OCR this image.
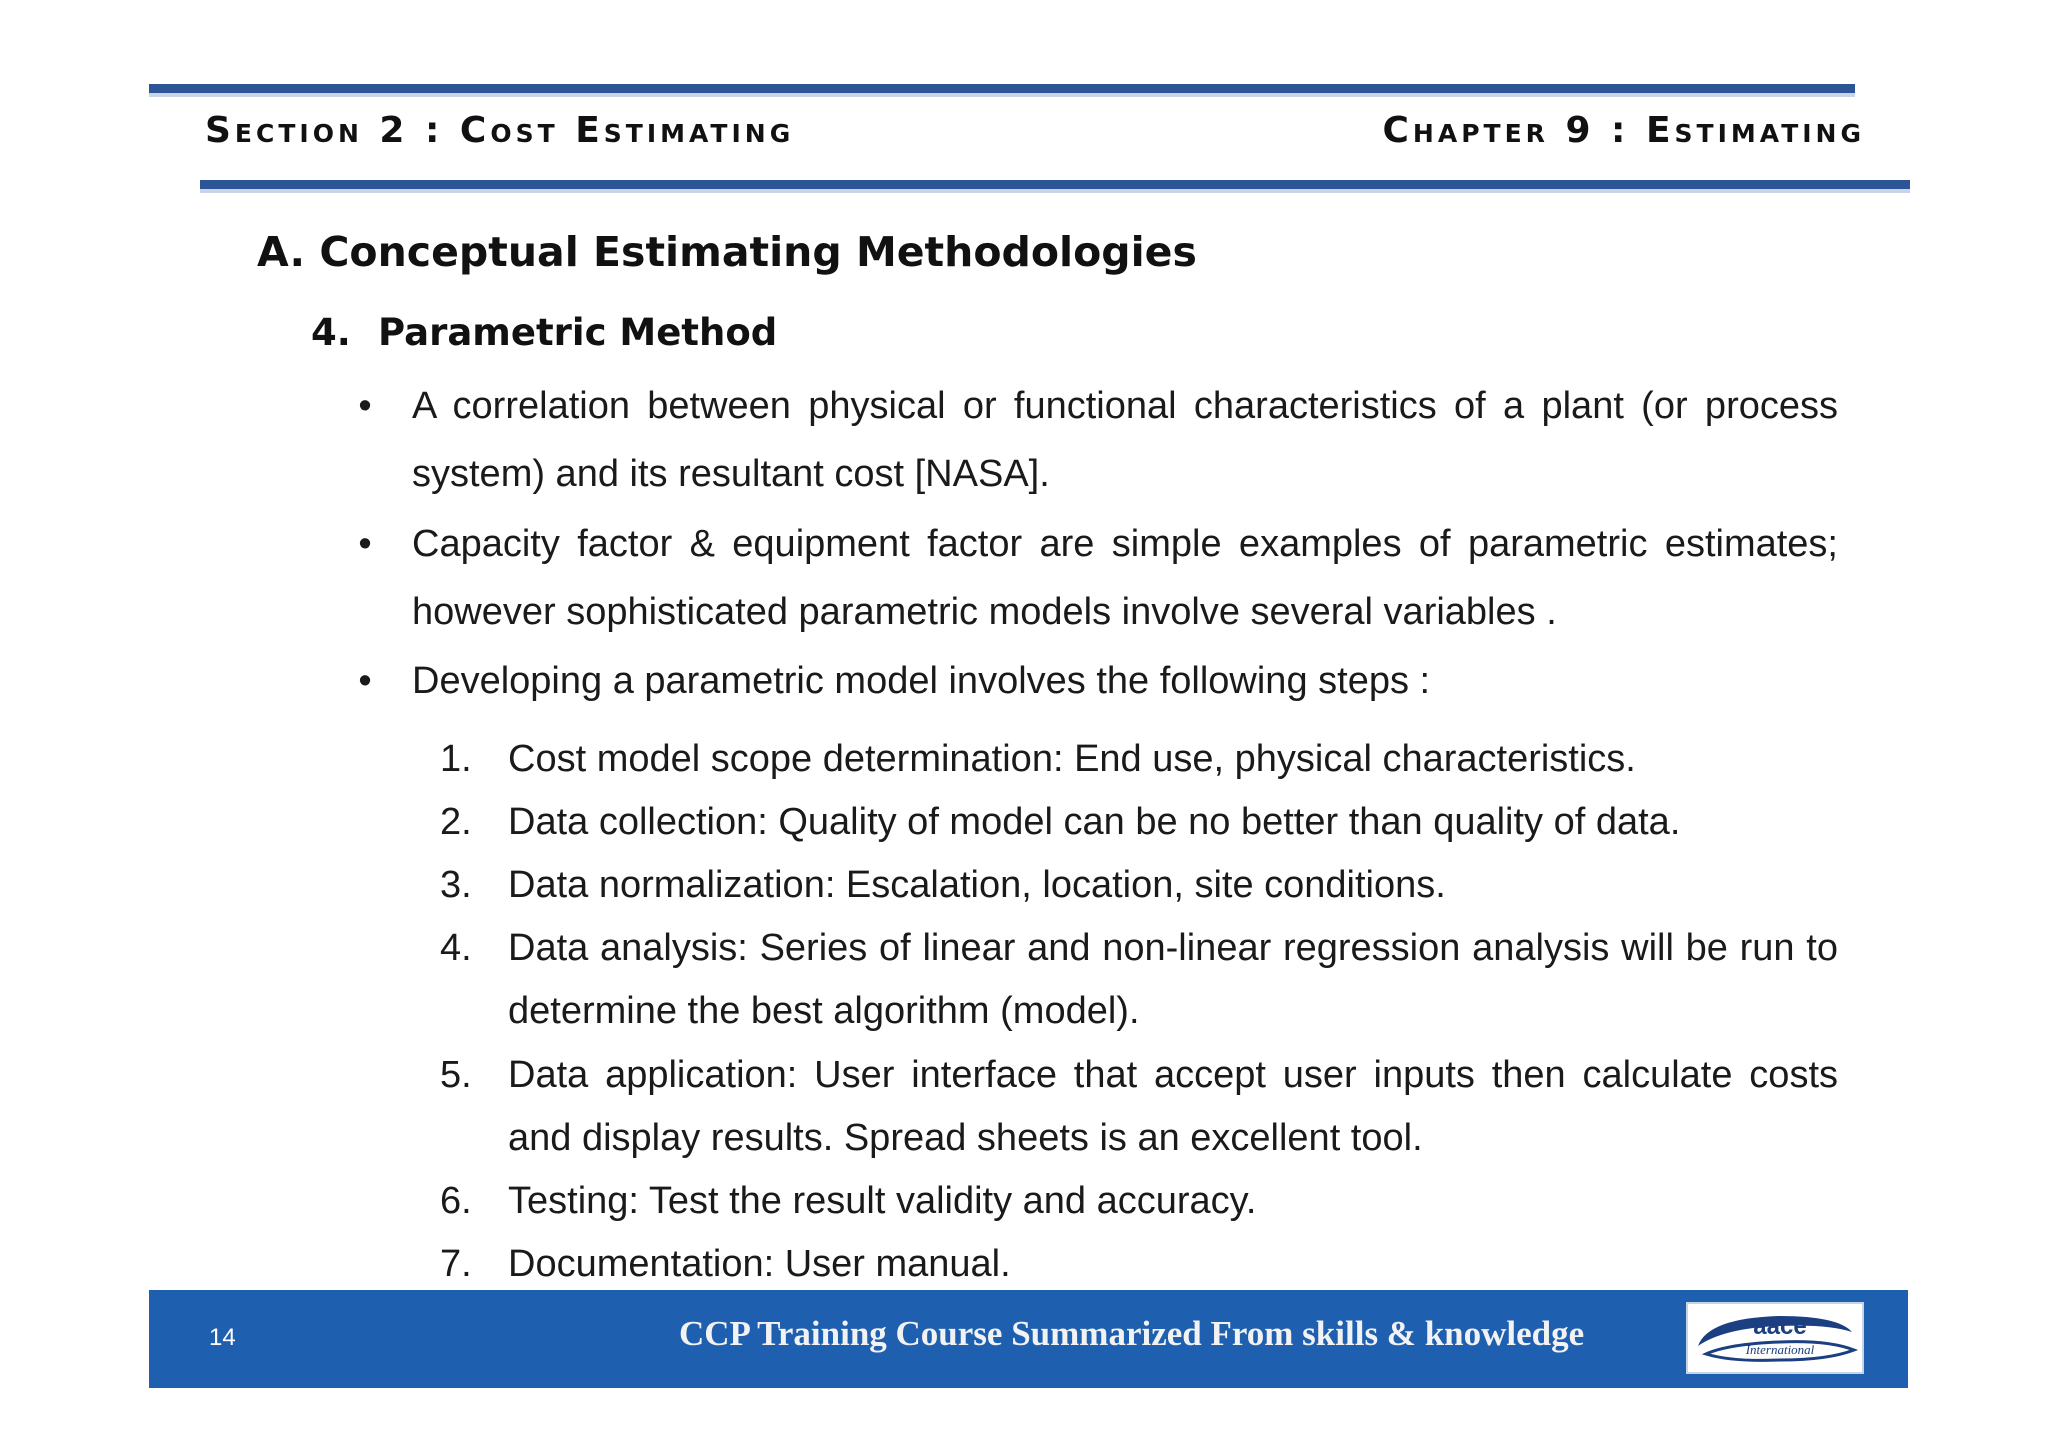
Section 2 : Cost Estimating	Chapter 9 : Estimating
A. Conceptual Estimating Methodologies
4. Parametric Method
• A correlation between physical or functional characteristics of a plant (or process system) and its resultant cost [NASA].
• Capacity factor & equipment factor are simple examples of parametric estimates; however sophisticated parametric models involve several variables .
• Developing a parametric model involves the following steps :
1. Cost model scope determination: End use, physical characteristics.
2. Data collection: Quality of model can be no better than quality of data.
3. Data normalization: Escalation, location, site conditions.
4. Data analysis: Series of linear and non-linear regression analysis will be run to determine the best algorithm (model).
5. Data application: User interface that accept user inputs then calculate costs and display results. Spread sheets is an excellent tool.
6. Testing: Test the result validity and accuracy.
7. Documentation: User manual.
14	CCP Training Course Summarized From skills & knowledge	aace
International
